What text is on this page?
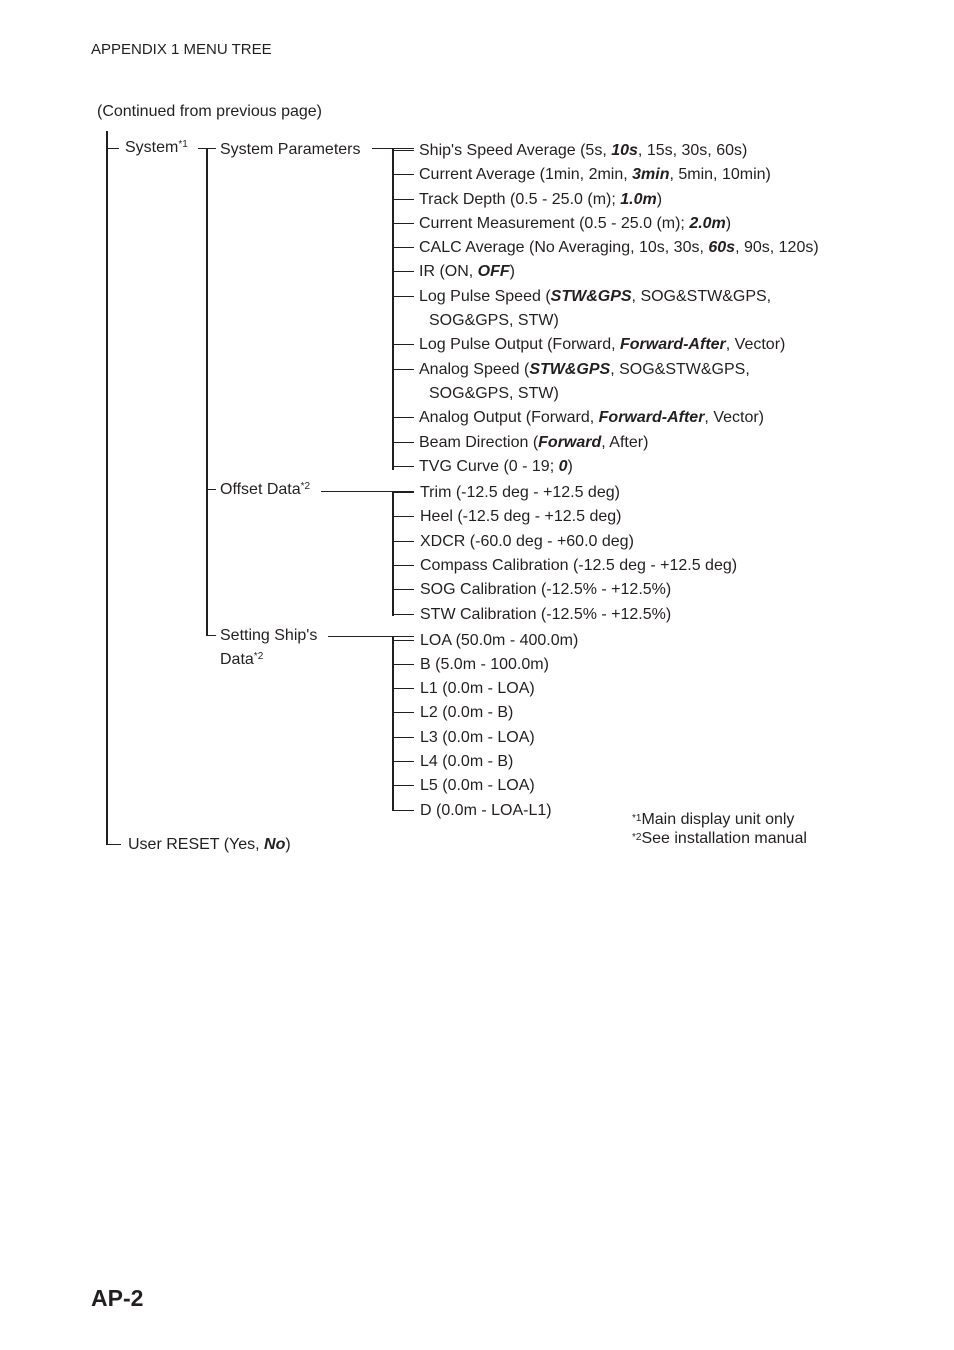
APPENDIX 1 MENU TREE
(Continued from previous page)
System$^{*1}$ System Parameters
Offset Data$^{*2}$
Setting Ship's
Data$^{*2}$
User RESET (Yes, No)
Ship's Speed Average (5s, 10s, 15s, 30s, 60s)
Current Average (1min, 2min, 3min, 5min, 10min)
Track Depth (0.5 - 25.0 (m); 1.0m)
Current Measurement (0.5 - 25.0 (m); 2.0m)
CALC Average (No Averaging, 10s, 30s, 60s, 90s, 120s)
IR (ON, OFF)
Log Pulse Speed (STW&GPS, SOG&STW&GPS,
SOG&GPS, STW)
Log Pulse Output (Forward, Forward-After, Vector)
Analog Speed (STW&GPS, SOG&STW&GPS,
SOG&GPS, STW)
Analog Output (Forward, Forward-After, Vector)
Beam Direction (Forward, After)
TVG Curve (0 - 19; 0)
Trim (-12.5 deg - +12.5 deg)
Heel (-12.5 deg - +12.5 deg)
XDCR (-60.0 deg - +60.0 deg)
Compass Calibration (-12.5 deg - +12.5 deg)
SOG Calibration (-12.5% - +12.5%)
STW Calibration (-12.5% - +12.5%)
LOA (50.0m - 400.0m)
B (5.0m - 100.0m)
L1 (0.0m - LOA)
L2 (0.0m - B)
L3 (0.0m - LOA)
L4 (0.0m - B)
L5 (0.0m - LOA)
D (0.0m - LOA-L1)	$^{*1}$Main display unit only
$^{*2}$See installation manual
AP-2
